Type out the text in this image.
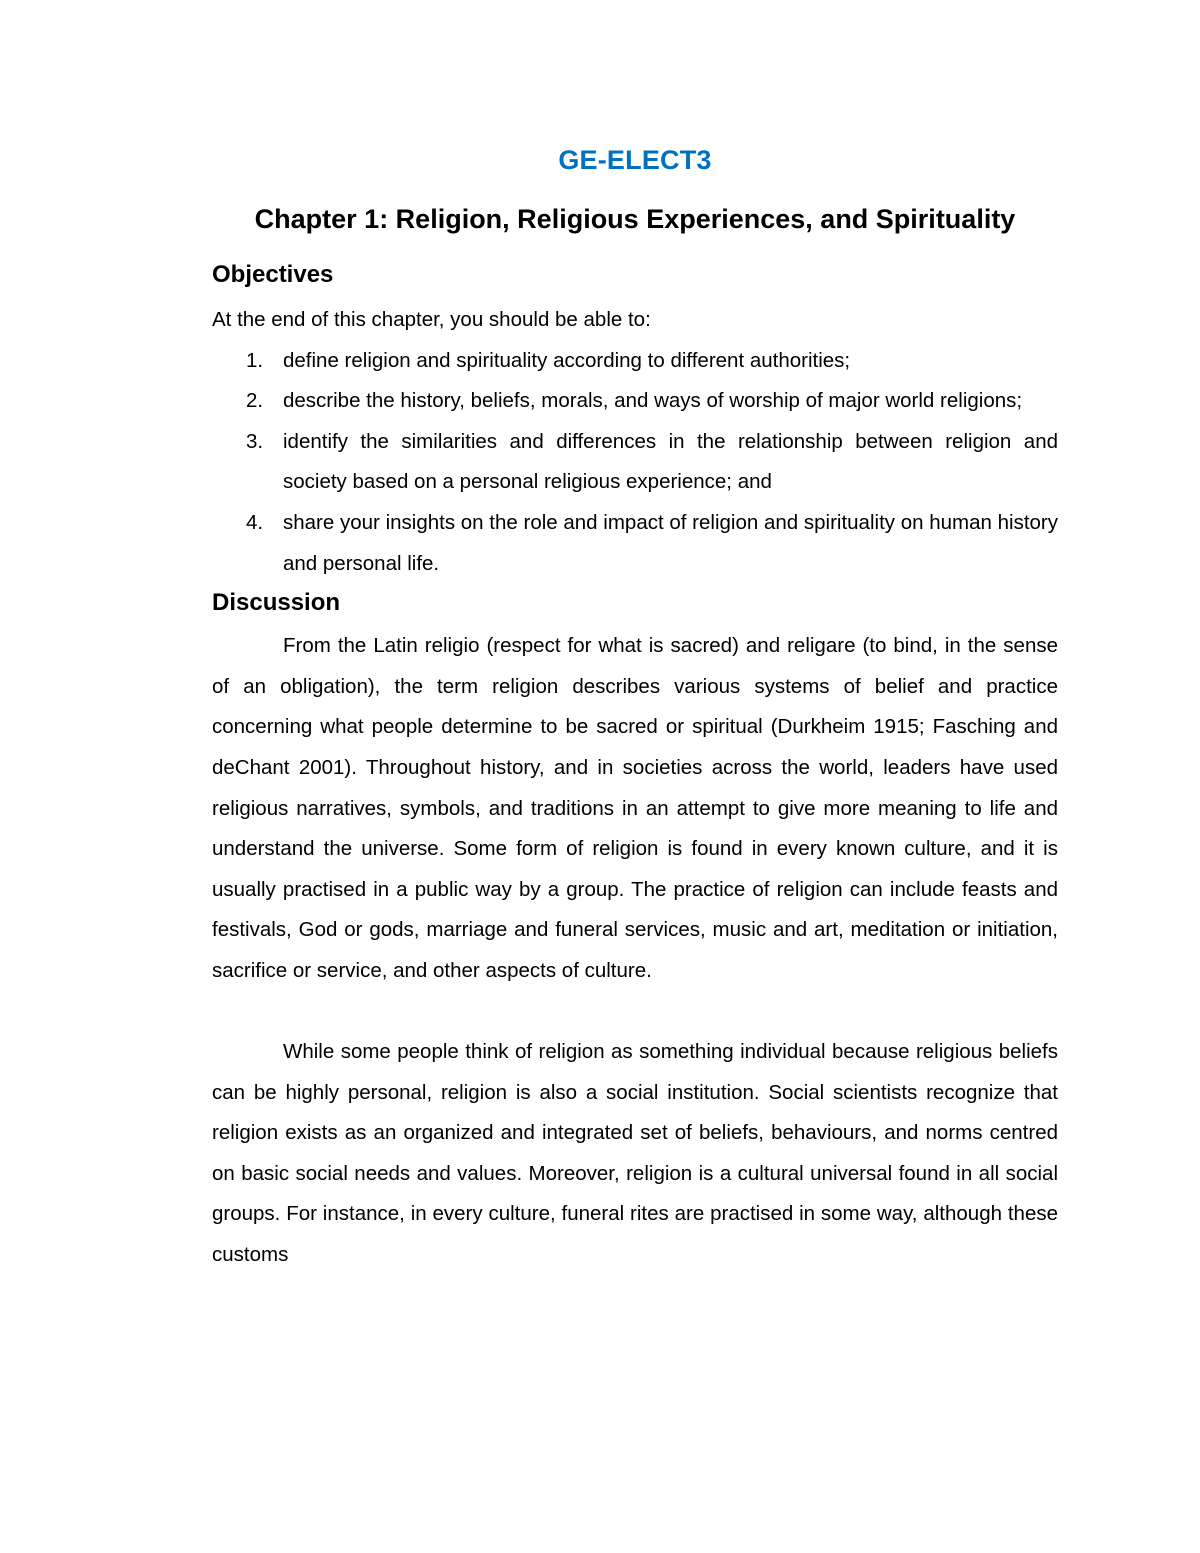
GE-ELECT3
Chapter 1: Religion, Religious Experiences, and Spirituality
Objectives

At the end of this chapter, you should be able to:

1. define religion and spirituality according to different authorities;
2. describe the history, beliefs, morals, and ways of worship of major world religions;
3. identify the similarities and differences in the relationship between religion and society based on a personal religious experience; and
4. share your insights on the role and impact of religion and spirituality on human history and personal life.
Discussion

From the Latin religio (respect for what is sacred) and religare (to bind, in the sense of an obligation), the term religion describes various systems of belief and practice concerning what people determine to be sacred or spiritual (Durkheim 1915; Fasching and deChant 2001). Throughout history, and in societies across the world, leaders have used religious narratives, symbols, and traditions in an attempt to give more meaning to life and understand the universe. Some form of religion is found in every known culture, and it is usually practised in a public way by a group. The practice of religion can include feasts and festivals, God or gods, marriage and funeral services, music and art, meditation or initiation, sacrifice or service, and other aspects of culture.

While some people think of religion as something individual because religious beliefs can be highly personal, religion is also a social institution. Social scientists recognize that religion exists as an organized and integrated set of beliefs, behaviours, and norms centred on basic social needs and values. Moreover, religion is a cultural universal found in all social groups. For instance, in every culture, funeral rites are practised in some way, although these customs
